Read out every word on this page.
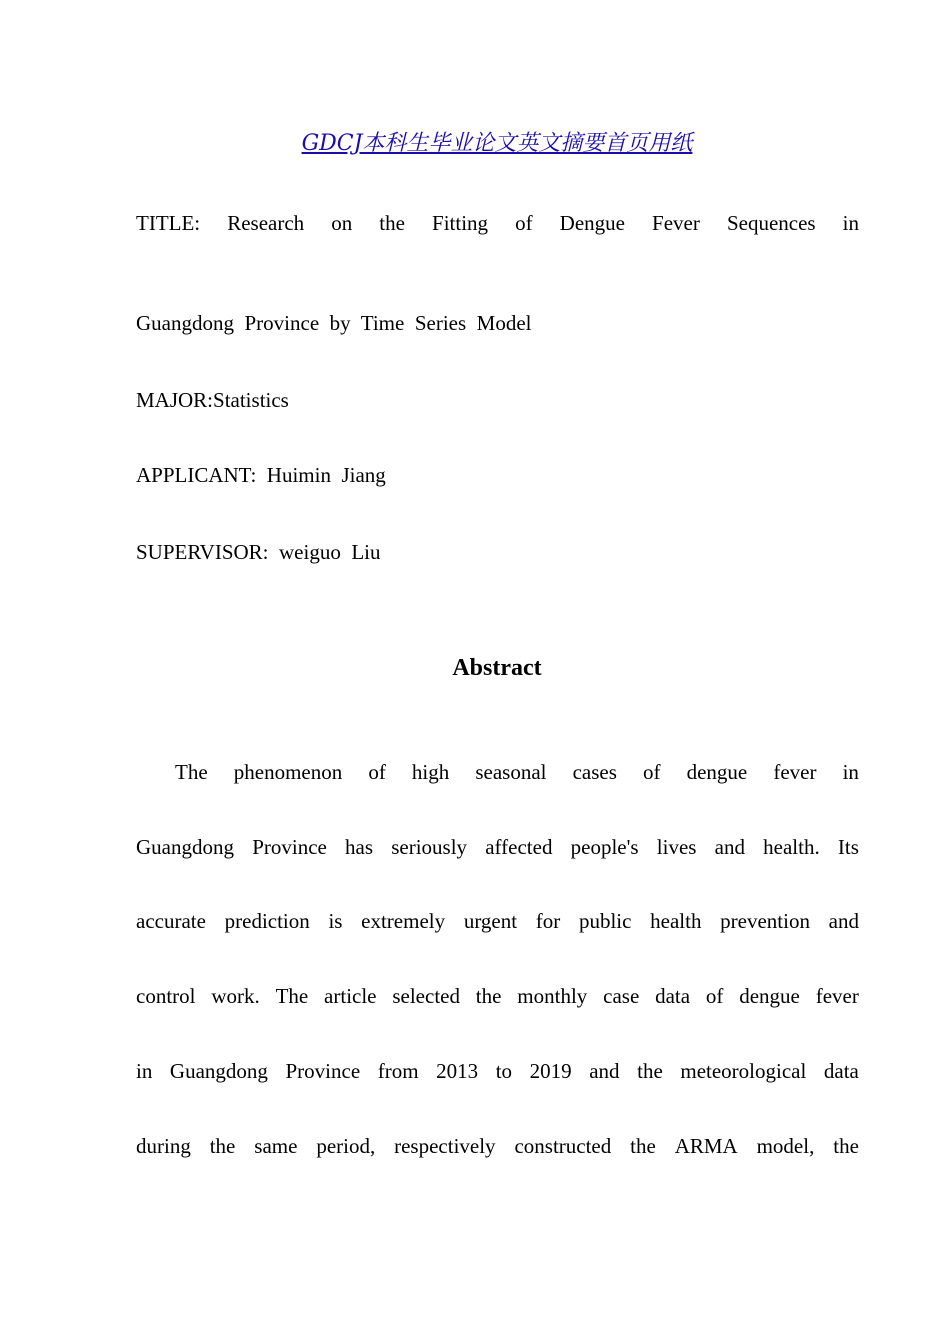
GDCJ本科生毕业论文英文摘要首页用纸
TITLE: Research on the Fitting of Dengue Fever Sequences in
Guangdong  Province  by  Time  Series  Model
MAJOR:Statistics
APPLICANT:  Huimin  Jiang
SUPERVISOR:  weiguo  Liu
Abstract
The phenomenon of high seasonal cases of dengue fever in
Guangdong Province has seriously affected people's lives and health. Its
accurate prediction is extremely urgent for public health prevention and
control work. The article selected the monthly case data of dengue fever
in Guangdong Province from 2013 to 2019 and the meteorological data
during the same period, respectively constructed the ARMA model, the
